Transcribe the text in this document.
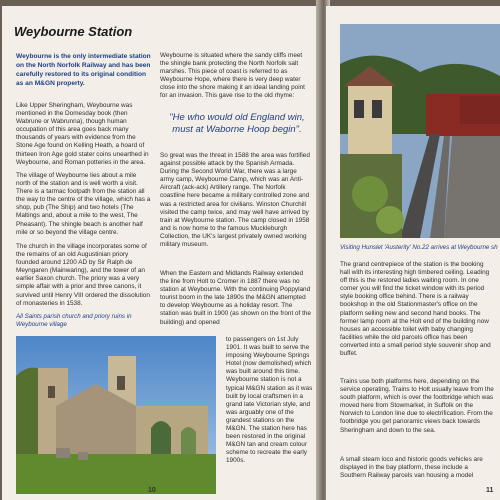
Weybourne Station

Weybourne is the only intermediate station on the North Norfolk Railway and has been carefully restored to its original condition as an M&GN property.

Like Upper Sheringham, Weybourne was mentioned in the Domesday book (then Wabrune or Wabrunna), though human occupation of this area goes back many thousands of years with evidence from the Stone Age found on Kelling Heath, a hoard of thirteen Iron Age gold stater coins unearthed in Weybourne, and Roman potteries in the area.

The village of Weybourne lies about a mile north of the station and is well worth a visit. There is a tarmac footpath from the station all the way to the centre of the village, which has a shop, pub (The Ship) and two hotels (The Maltings and, about a mile to the west, The Pheasant). The shingle beach is another half mile or so beyond the village centre.

The church in the village incorporates some of the remains of an old Augustinian priory founded around 1200 AD by Sir Ralph de Meyngaren (Mainwaring), and the tower of an earlier Saxon church. The priory was a very simple affair with a prior and three canons, it survived until Henry VIII ordered the dissolution of monasteries in 1538.

All Saints parish church and priory ruins in Weybourne village

Weybourne is situated where the sandy cliffs meet the shingle bank protecting the North Norfolk salt marshes. This piece of coast is referred to as Weybourne Hope, where there is very deep water close into the shore making it an ideal landing point for an invasion. This gave rise to the old rhyme:

"He who would old England win, must at Waborne Hoop begin".

So great was the threat in 1588 the area was fortified against possible attack by the Spanish Armada. During the Second World War, there was a large army camp, Weybourne Camp, which was an Anti-Aircraft (ack-ack) Artillery range. The Norfolk coastline here became a military controlled zone and was a restricted area for civilians. Winston Churchill visited the camp twice, and may well have arrived by train at Weybourne station. The camp closed in 1958 and is now home to the famous Muckleburgh Collection, the UK's largest privately owned working military museum.

When the Eastern and Midlands Railway extended the line from Holt to Cromer in 1887 there was no station at Weybourne. With the continuing Poppyland tourist boom in the late 1890s the M&GN attempted to develop Weybourne as a holiday resort. The station was built in 1900 (as shown on the front of the building) and opened

to passengers on 1st July 1901. It was built to serve the imposing Weybourne Springs Hotel (now demolished) which was built around this time. Weybourne station is not a typical M&GN station as it was built by local craftsmen in a grand late Victorian style, and was arguably one of the grandest stations on the M&GN. The station here has been restored in the original M&GN tan and cream colour scheme to recreate the early 1900s.

10

Visiting Hunslet 'Austerity' No.22 arrives at Weybourne sh

The grand centrepiece of the station is the booking hall with its interesting high timbered ceiling. Leading off this is the restored ladies waiting room. In one corner you will find the ticket window with its period style booking office behind. There is a railway bookshop in the old Stationmaster's office on the platform selling new and second hand books. The former lamp room at the Holt end of the building now houses an accessible toilet with baby changing facilities while the old parcels office has been converted into a small period style souvenir shop and buffet.

Trains use both platforms here, depending on the service operating. Trains to Holt usually leave from the south platform, which is over the footbridge which was moved here from Stowmarket, in Suffolk on the Norwich to London line due to electrification. From the footbridge you get panoramic views back towards Sheringham and down to the sea.

A small steam loco and historic goods vehicles are displayed in the bay platform, these include a Southern Railway parcels van housing a model

11
